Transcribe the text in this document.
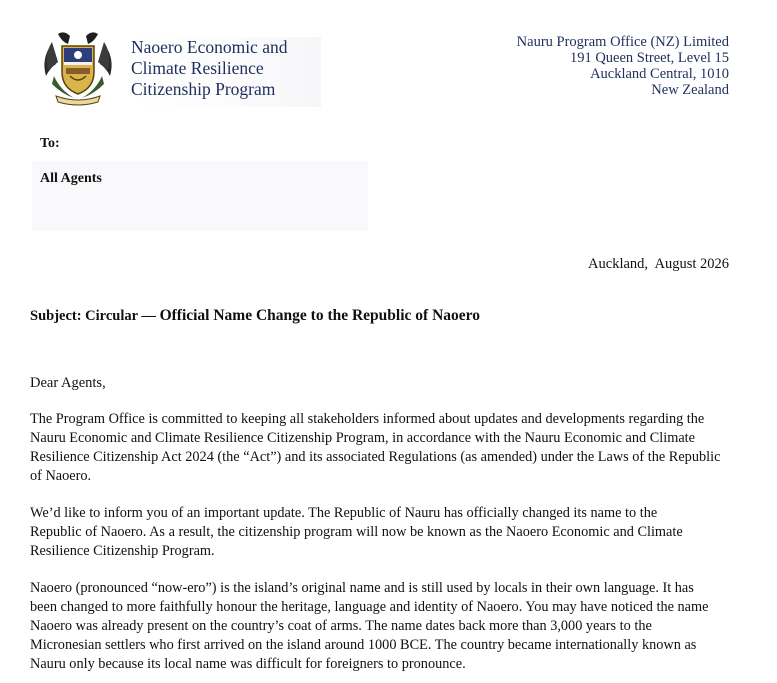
Naoero Economic and
Climate Resilience
Citizenship Program
Nauru Program Office (NZ) Limited
191 Queen Street, Level 15
Auckland Central, 1010
New Zealand
To:
All Agents
Auckland,  August 2026
Subject: Circular — Official Name Change to the Republic of Naoero
Dear Agents,
The Program Office is committed to keeping all stakeholders informed about updates and developments regarding the
Nauru Economic and Climate Resilience Citizenship Program, in accordance with the Nauru Economic and Climate
Resilience Citizenship Act 2024 (the “Act”) and its associated Regulations (as amended) under the Laws of the Republic
of Naoero.
We’d like to inform you of an important update. The Republic of Nauru has officially changed its name to the
Republic of Naoero. As a result, the citizenship program will now be known as the Naoero Economic and Climate
Resilience Citizenship Program.
Naoero (pronounced “now-ero”) is the island’s original name and is still used by locals in their own language. It has
been changed to more faithfully honour the heritage, language and identity of Naoero. You may have noticed the name
Naoero was already present on the country’s coat of arms. The name dates back more than 3,000 years to the
Micronesian settlers who first arrived on the island around 1000 BCE. The country became internationally known as
Nauru only because its local name was difficult for foreigners to pronounce.
